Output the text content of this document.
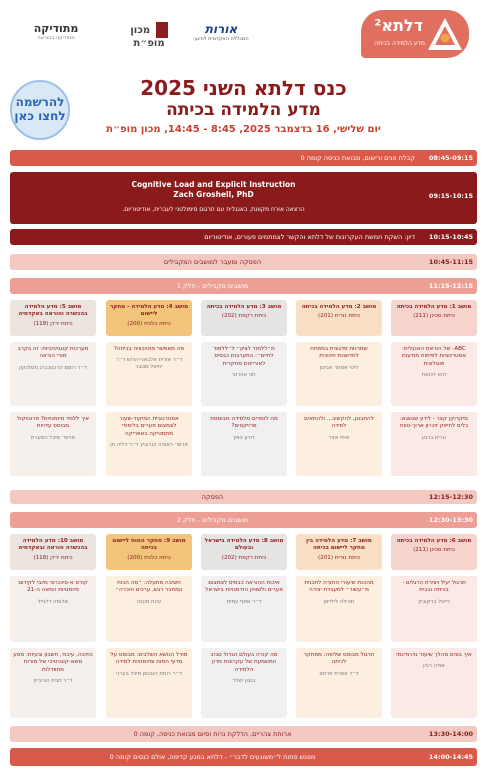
דלתא²
מדע הלמידה בכיתה
אורות
המכללה האקדמית לחינוך
מכון מופ״ת
מתודיקה
מתודיקה בהוראה
להרשמה לחצו כאן
כנס דלתא השני 2025
מדע הלמידה בכיתה
יום שלישי, 16 בדצמבר 2025, 8:45 - 14:45, מכון מופ״ת
08:45-09:15
קבלת פנים ורישום, מבואת כניסה קומה 0
09:15-10:15
Cognitive Load and Explicit Instruction
Zach Groshell, PhD
הרצאה אורח מקוונת, באנגלית עם תרגום סימולטני לעברית, אודיטוריום.
10:15-10:45
דיון: השקת חמשת העקרונות של דלתא והקשר לצמתמים פעורים, אודיטוריום
10:45-11:15
הפסקה ומעבר למושבים המקבילים
11:15-12:15
מושבים מקבילים - חלק 1
מושב 1: מדע הלמידה בכיתה
כיתת סכינן (211)
מושב 2: מדע הלמידה בכיתה
כיתת נורית (201)
מושב 3: מדע הלמידה בכיתה
כיתת רקפת (202)
מושב 4: מדע הלמידה - מחקר ליישום
כיתת כלנית (200)
מושב 5: מדע הלמידה בהכשרה והוראה באקדמיה
כיתת ירדן (118)
ABC- של הוראת האנגלית: אסטרטגיות לפיתוח מודעות פונולוגית
זהא דכואח
שמרנות פדגוגית במפתח לחדשנות חינוכית
לינוי אסתר אביטן
מ״ללמוד לציון״ ל״ללמוד לחיים״: התערבות כבסיס לאוריינות מחקרית
חגי אהרוני
מה מאפשר מוטיבציה בכיתה?
ד״ר אורית אלבאני-הרוש ד״ר יחיאל מנובר
מערכות קוגניטיביות: זה בקרב מורי הוראה
ד״ר רומם טרכטנברג מסלנקון
מיקרוקן קצר - לידע שגשגא: כלים לחיזוק זיכרון ארוך-טווח
נורית ברגע
להתבונן, להקשיב... ולהתאים למידה
איתי אזור
מה לומדים מלמידה מבוססת פרויקטים?
דורון הפץ
אסטרטגיית המיקוד-שעור לצמצום פערים בלימודי מתמטיקה באפריקה
פרופ׳ ראוניה הורוביץ ד״ר דליה חן
איך ללמד מיומנויות? פרוטוקול מבוסס עדויות
פרופ׳ מיכל הסערת
12:15-12:30
הפסקה
12:30-13:30
מושבים מקבילים - חלק 2
מושב 6: מדע הלמידה בכיתה
כיתת סכינן (211)
מושב 7: מדע הלמידה בין מחקר ליישום בכיתה
כיתת נורית (201)
מושב 8: מדע הלמידה בישראל ובעולם
כיתת רקפת (202)
מושב 9: מחקר המוח ליישום בכיתה
כיתת כלנית (200)
מושב 10: מדע הלמידה בהכשרה הוראה ובאקדמיה
כיתת ירדן (118)
תרגול יעיל ויצירת הרגלים - בכיתה ובבית
רייטל ברקוביץ
מהכנת שיעורי החזרה לתכנית מ״עשור״ למעבדת יצירה
תהילה לילייאן
איכות ההוראה כבסיס לצמצום פערים ולשוויון הזדמנויות בישראל
ד״ר אסף עמית
חשיבה מתעלה: ״מה הכוח המחבר רגש, ערכים והכרה״
עינת מענה
קורס א-סינכרוני מיובי לקידום מיומנויות המאה ה-21
שלומה דלגייל
איך בונים מהלך שיעור נוירודינמי
אודה רבין
תרגול מבוסס שליפה: ממחקר לכיתה
ד״ר אפרת פרחס
מה קורה בעולם הגדול סביב המשמעת של עקרונות מדע הלמידה
בוצון ישלר
מודל הנושא השלבים: מבוסס על מדעי המוח ומיומנויות למידה
ד״ר רומת הובנסן מיכל בערני
כתיבה, עיבוד, חשבון ובעיות: מסע משא-קוגניטיבי של מורות מתוודלות
ד״ר חגית הורבייץ
13:30-14:00
ארוחת צהריים, הדלקת נרות וסיום מבואת כניסה, קומה 0
14:00-14:45
מפגש פתוח ל״משוגעים לדבר״ - דלתא במגע קדימה, אולם כנסים קומה 0
